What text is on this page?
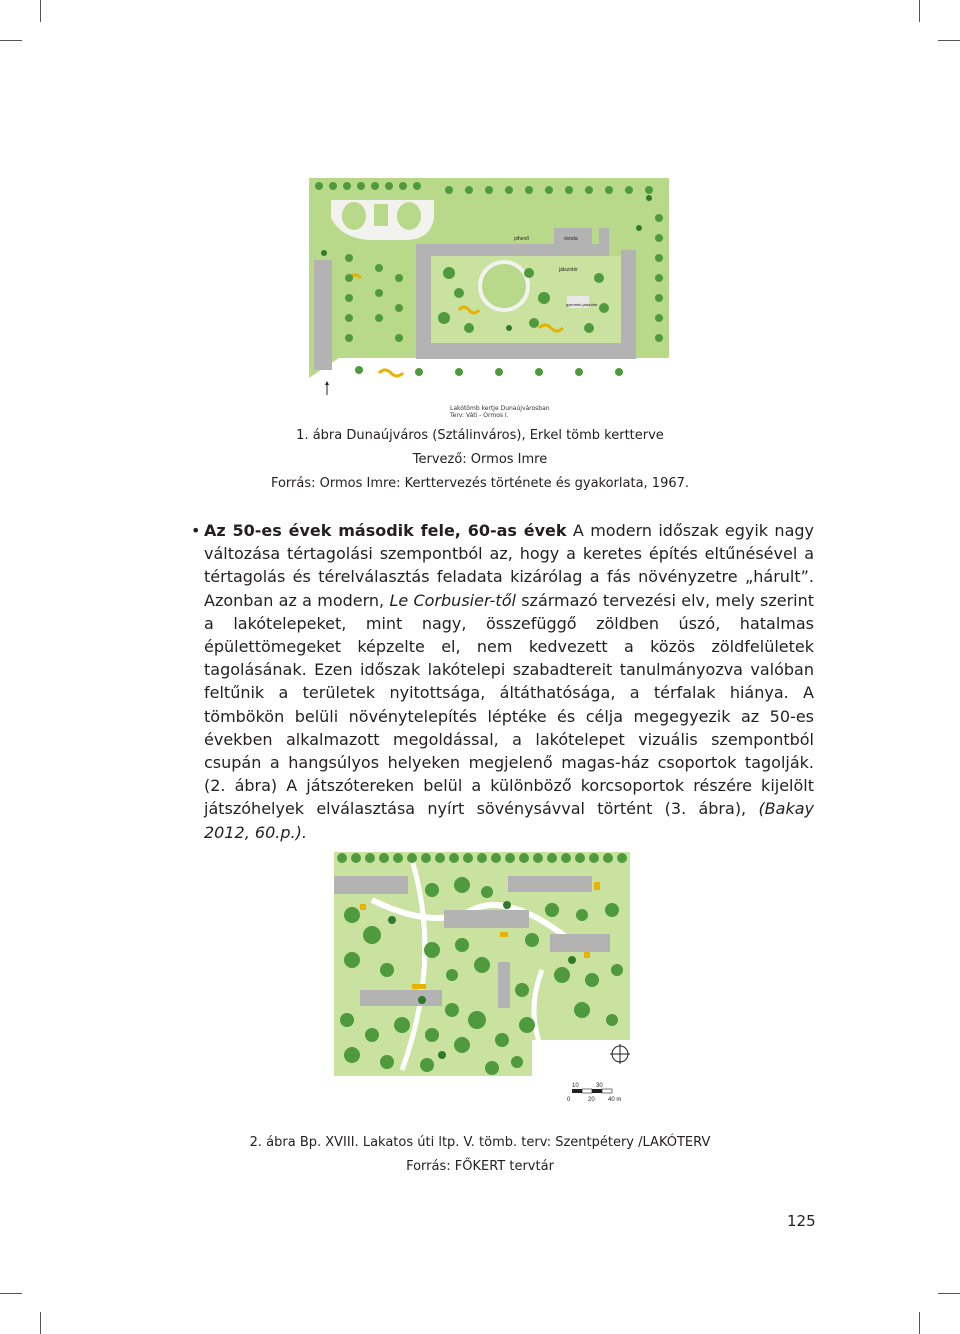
pihenő	óvoda
játszótér
gyermek játszótér
Lakótömb kertje Dunaújvárosban
Terv: Váti - Ormos I.
1. ábra Dunaújváros (Sztálinváros), Erkel tömb kertterve
Tervező: Ormos Imre
Forrás: Ormos Imre: Kerttervezés története és gyakorlata, 1967.
• Az 50-es évek második fele, 60-as évek A modern időszak egyik nagy változása tértagolási szempontból az, hogy a keretes építés eltűnésével a tértagolás és térelválasztás feladata kizárólag a fás növényzetre „hárult”. Azonban az a modern, Le Corbusier-től származó tervezési elv, mely szerint a lakótelepeket, mint nagy, összefüggő zöldben úszó, hatalmas épülettömegeket képzelte el, nem kedvezett a közös zöldfelületek tagolásának. Ezen időszak lakótelepi szabadtereit tanulmányozva valóban feltűnik a területek nyitottsága, áltáthatósága, a térfalak hiánya. A tömbökön belüli növénytelepítés léptéke és célja megegyezik az 50-es években alkalmazott megoldással, a lakótelepet vizuális szempontból csupán a hangsúlyos helyeken megjelenő magas-ház csoportok tagolják. (2. ábra) A játszótereken belül a különböző korcsoportok részére kijelölt játszóhelyek elválasztása nyírt sövénysávval történt (3. ábra), (Bakay 2012, 60.p.).
10	30
0	20 40 m
2. ábra Bp. XVIII. Lakatos úti ltp. V. tömb. terv: Szentpétery /LAKÓTERV
Forrás: FŐKERT tervtár
125
